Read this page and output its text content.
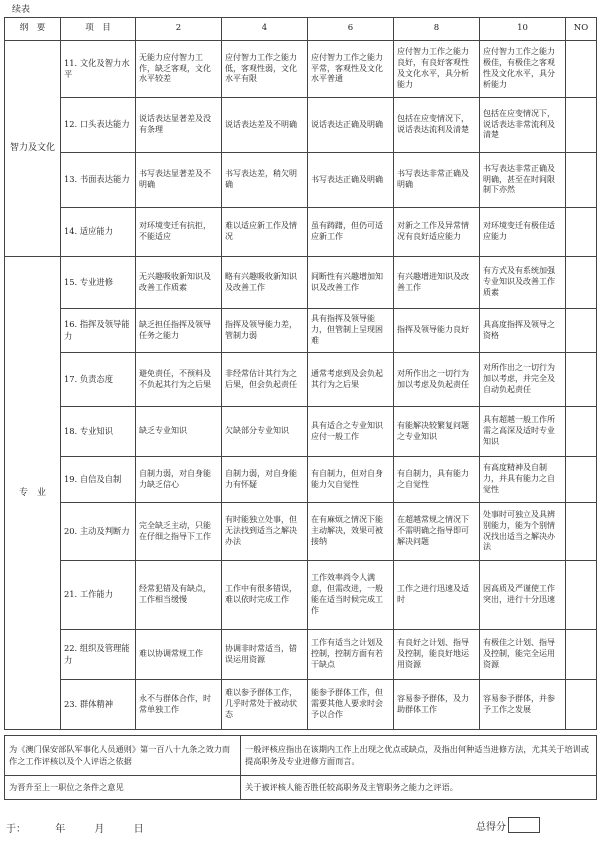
续表
纲　要	项　目	2	4	6	8	10	NO
智力及文化	11. 文化及智力水平	无能力应付智力工作，缺乏客观，文化水平较差	应付智力工作之能力低，客观性弱，文化水平有限	应付智力工作之能力平常，客观性及文化水平普通	应付智力工作之能力良好，有良好客观性及文化水平，具分析能力	应付智力工作之能力极佳，有极佳之客观性及文化水平，具分析能力	
	12. 口头表达能力	说话表达显著差及没有条理	说话表达差及不明确	说话表达正确及明确	包括在应变情况下，说话表达流利及清楚	包括在应变情况下，说话表达非常流利及清楚	
	13. 书面表达能力	书写表达显著差及不明确	书写表达差，稍欠明确	书写表达正确及明确	书写表达非常正确及明确	书写表达非常正确及明确，甚至在时间限制下亦然	
	14. 适应能力	对环境变迁有抗拒，不能适应	难以适应新工作及情况	虽有踌躇，但仍可适应新工作	对新之工作及异常情况有良好适应能力	对环境变迁有极佳适应能力	
专　业	15. 专业进修	无兴趣吸收新知识及改善工作质素	略有兴趣吸收新知识及改善工作	间断性有兴趣增加知识及改善工作	有兴趣增进知识及改善工作	有方式及有系统加强专业知识及改善工作质素	
	16. 指挥及领导能力	缺乏担任指挥及领导任务之能力	指挥及领导能力差，管制力弱	具有指挥及领导能力，但管制上呈现困难	指挥及领导能力良好	具高度指挥及领导之资格	
	17. 负责态度	避免责任，不预料及不负起其行为之后果	非经常估计其行为之后果，但会负起责任	通常考虑到及会负起其行为之后果	对所作出之一切行为加以考虑及负起责任	对所作出之一切行为加以考虑，并完全及自动负起责任	
	18. 专业知识	缺乏专业知识	欠缺部分专业知识	具有适合之专业知识应付一般工作	有能解决较繁复问题之专业知识	具有超越一般工作所需之高深及适时专业知识	
	19. 自信及自制	自制力弱，对自身能力缺乏信心	自制力弱，对自身能力有怀疑	有自制力，但对自身能力欠自觉性	有自制力，具有能力之自觉性	有高度精神及自制力，并具有能力之自觉性	
	20. 主动及判断力	完全缺乏主动，只能在仔细之指导下工作	有时能独立处事，但无法找到适当之解决办法	在有麻烦之情况下能主动解决，效果可被接纳	在超越常规之情况下不需明确之指导即可解决问题	处事时可独立及具辨别能力，能为个别情况找出适当之解决办法	
	21. 工作能力	经常犯错及有缺点，工作相当缓慢	工作中有很多错误，难以依时完成工作	工作效率尚令人满意，但需改进，一般能在适当时候完成工作	工作之进行迅速及适时	因高质及严谨使工作突出，进行十分迅速	
	22. 组织及管理能力	难以协调常规工作	协调非时常适当，错误运用资源	工作有适当之计划及控制，控制方面有若干缺点	有良好之计划、指导及控制，能良好地运用资源	有极佳之计划、指导及控制，能完全运用资源	
	23. 群体精神	永不与群体合作，时常单独工作	难以参予群体工作，几乎时常处于被动状态	能参予群体工作，但需要其他人要求时会予以合作	容易参予群体，及力助群体工作	容易参予群体，并参予工作之发展	
为《澳门保安部队军事化人员通则》第一百八十九条之效力而作之工作评核以及个人评语之依据	一般评核应指出在该期内工作上出现之优点或缺点，及指出何种适当进修方法，尤其关于培训或提高职务及专业进修方面而言。
为晋升至上一职位之条件之意见	关于被评核人能否胜任较高职务及主管职务之能力之评语。
于：	年	月	日	总得分
